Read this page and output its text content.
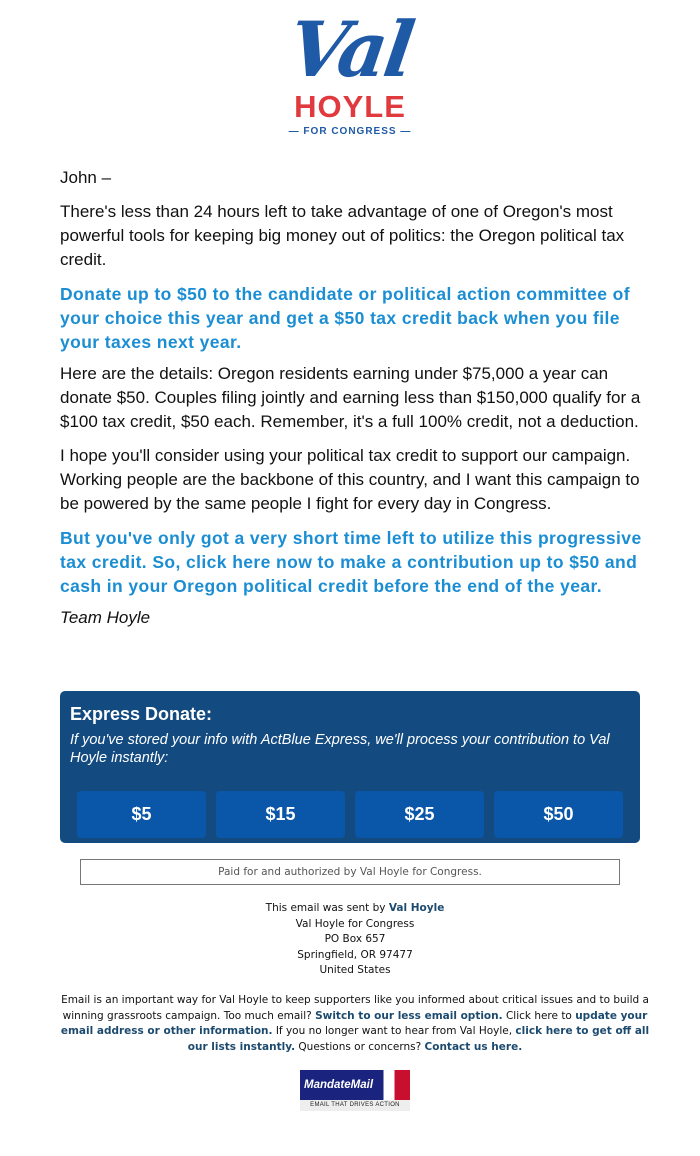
Val
HOYLE
— FOR CONGRESS —

John –

There's less than 24 hours left to take advantage of one of Oregon's most powerful tools for keeping big money out of politics: the Oregon political tax credit.

Donate up to $50 to the candidate or political action committee of your choice this year and get a $50 tax credit back when you file your taxes next year.

Here are the details: Oregon residents earning under $75,000 a year can donate $50. Couples filing jointly and earning less than $150,000 qualify for a $100 tax credit, $50 each. Remember, it's a full 100% credit, not a deduction.

I hope you'll consider using your political tax credit to support our campaign. Working people are the backbone of this country, and I want this campaign to be powered by the same people I fight for every day in Congress.

But you've only got a very short time left to utilize this progressive tax credit. So, click here now to make a contribution up to $50 and cash in your Oregon political credit before the end of the year.

Team Hoyle

Express Donate:
If you've stored your info with ActBlue Express, we'll process your contribution to Val Hoyle instantly:
$5	$15	$25	$50
Paid for and authorized by Val Hoyle for Congress.
This email was sent by Val Hoyle
Val Hoyle for Congress
PO Box 657
Springfield, OR 97477
United States
Email is an important way for Val Hoyle to keep supporters like you informed about critical issues and to build a winning grassroots campaign. Too much email? Switch to our less email option. Click here to update your email address or other information. If you no longer want to hear from Val Hoyle, click here to get off all our lists instantly. Questions or concerns? Contact us here.
MandateMail
EMAIL THAT DRIVES ACTION
